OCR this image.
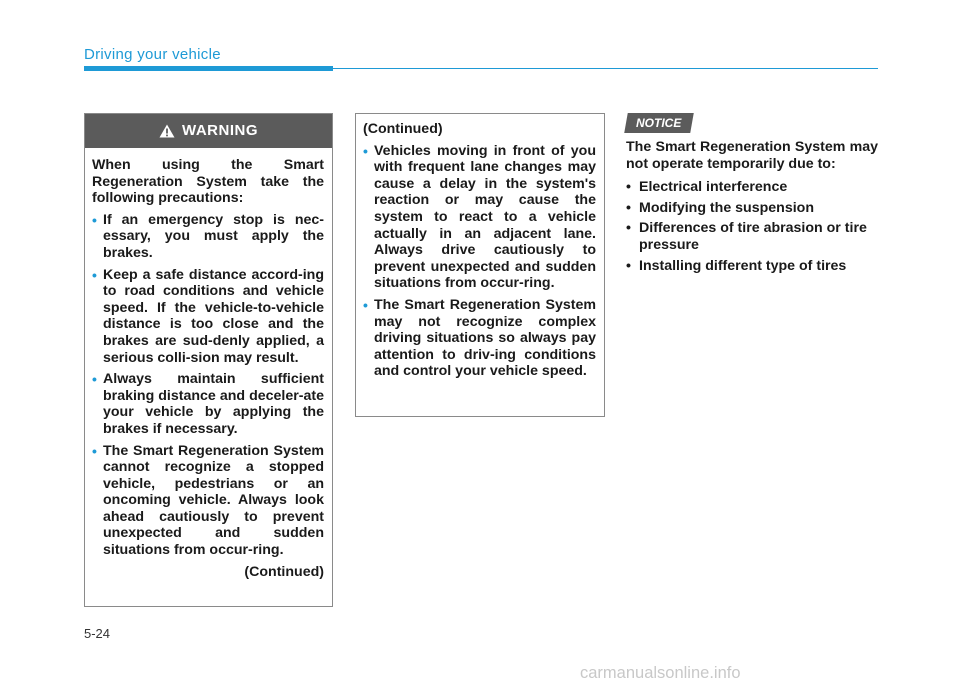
Driving your vehicle
WARNING

When using the Smart Regeneration System take the following precautions:

• If an emergency stop is nec-essary, you must apply the brakes.
• Keep a safe distance accord-ing to road conditions and vehicle speed. If the vehicle-to-vehicle distance is too close and the brakes are sud-denly applied, a serious colli-sion may result.
• Always maintain sufficient braking distance and deceler-ate your vehicle by applying the brakes if necessary.
• The Smart Regeneration System cannot recognize a stopped vehicle, pedestrians or an oncoming vehicle. Always look ahead cautiously to prevent unexpected and sudden situations from occur-ring.

(Continued)

(Continued)

• Vehicles moving in front of you with frequent lane changes may cause a delay in the system's reaction or may cause the system to react to a vehicle actually in an adjacent lane. Always drive cautiously to prevent unexpected and sudden situations from occur-ring.
• The Smart Regeneration System may not recognize complex driving situations so always pay attention to driv-ing conditions and control your vehicle speed.
NOTICE

The Smart Regeneration System may not operate temporarily due to:

• Electrical interference
• Modifying the suspension
• Differences of tire abrasion or tire pressure
• Installing different type of tires
5-24
carmanualsonline.info
